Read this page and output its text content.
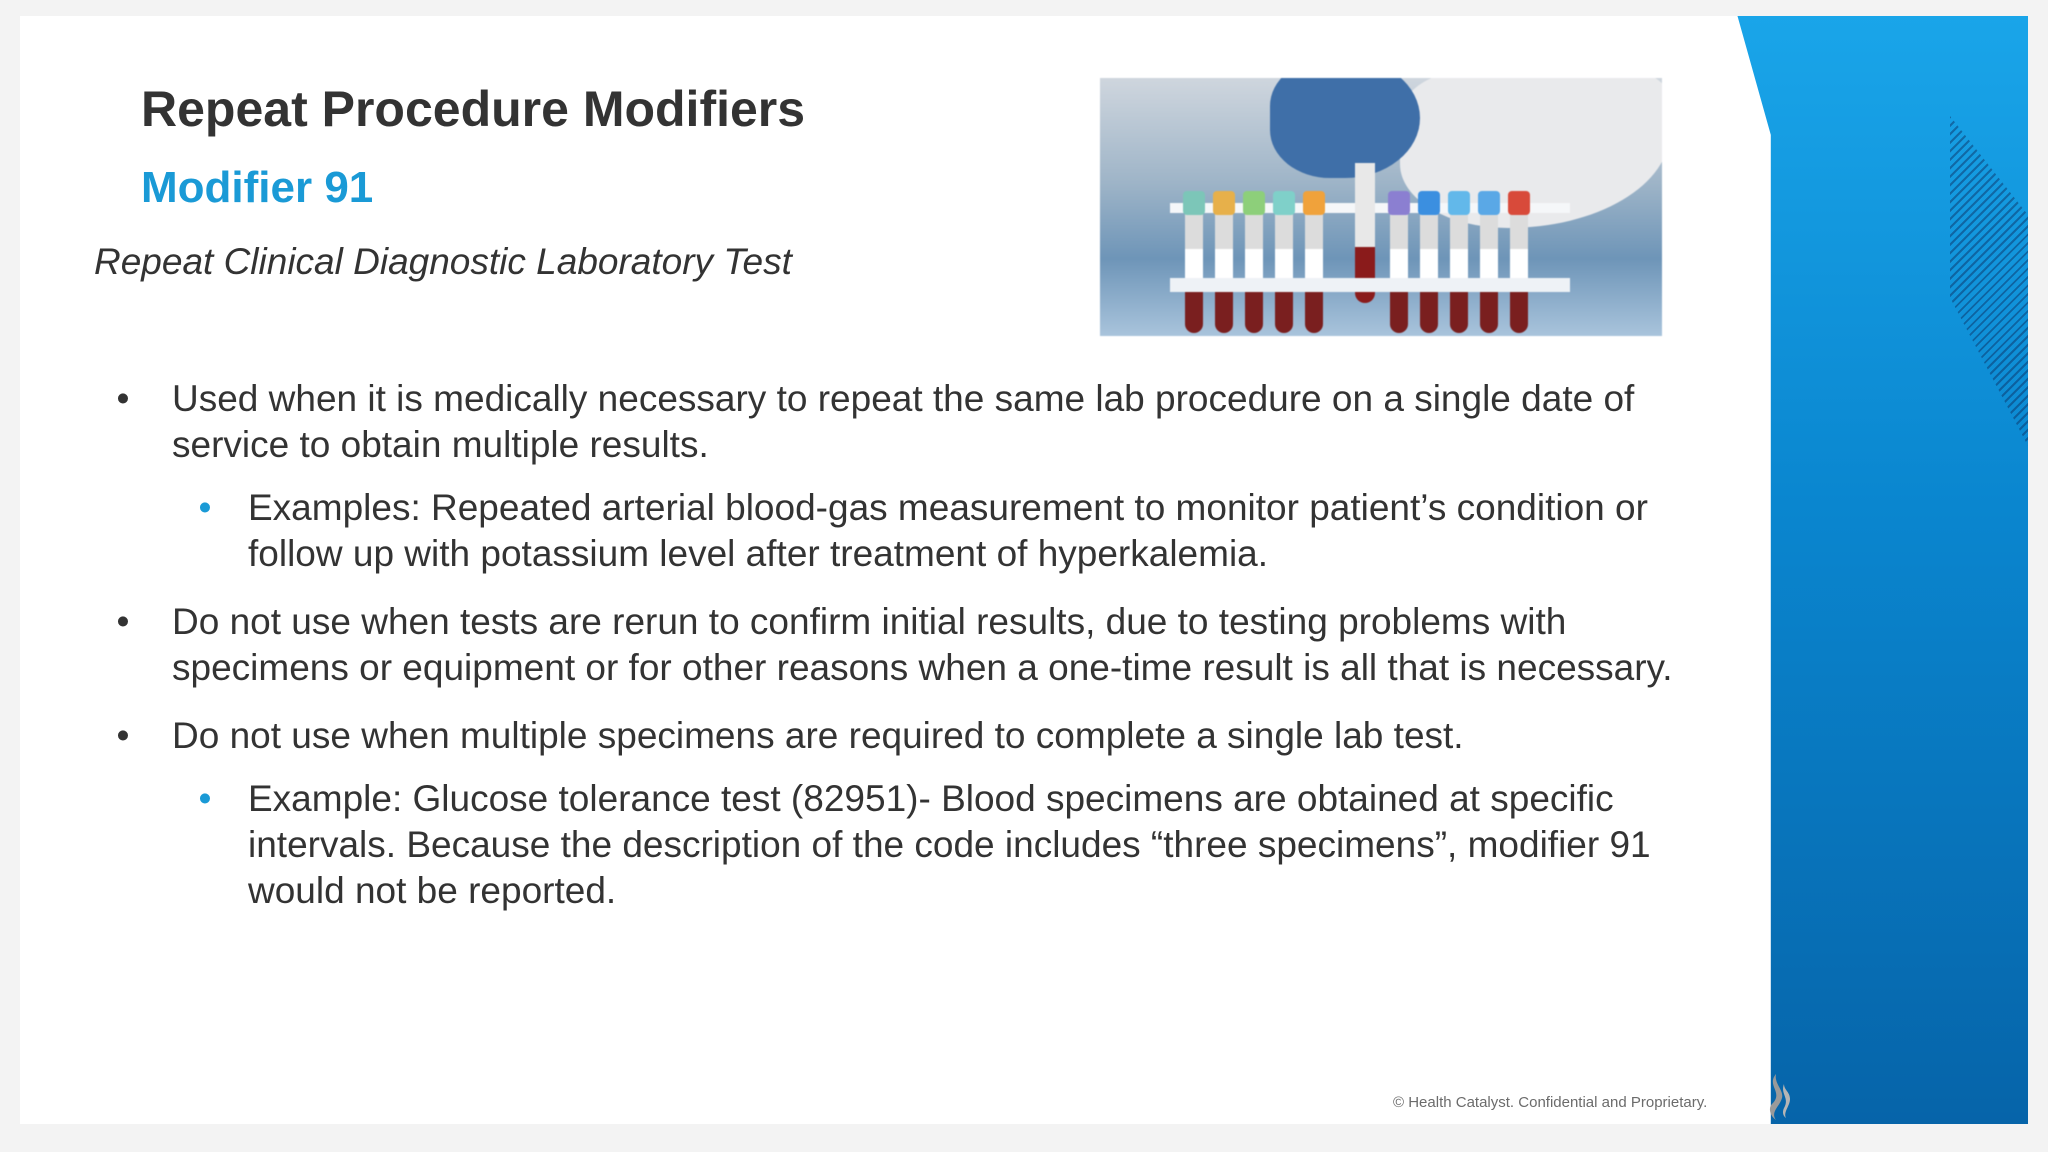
Repeat Procedure Modifiers
Modifier 91

Repeat Clinical Diagnostic Laboratory Test

• Used when it is medically necessary to repeat the same lab procedure on a single date of service to obtain multiple results.

• Examples: Repeated arterial blood-gas measurement to monitor patient’s condition or follow up with potassium level after treatment of hyperkalemia.

• Do not use when tests are rerun to confirm initial results, due to testing problems with specimens or equipment or for other reasons when a one-time result is all that is necessary.

• Do not use when multiple specimens are required to complete a single lab test.

• Example: Glucose tolerance test (82951)- Blood specimens are obtained at specific intervals. Because the description of the code includes “three specimens”, modifier 91 would not be reported.

© Health Catalyst. Confidential and Proprietary.
